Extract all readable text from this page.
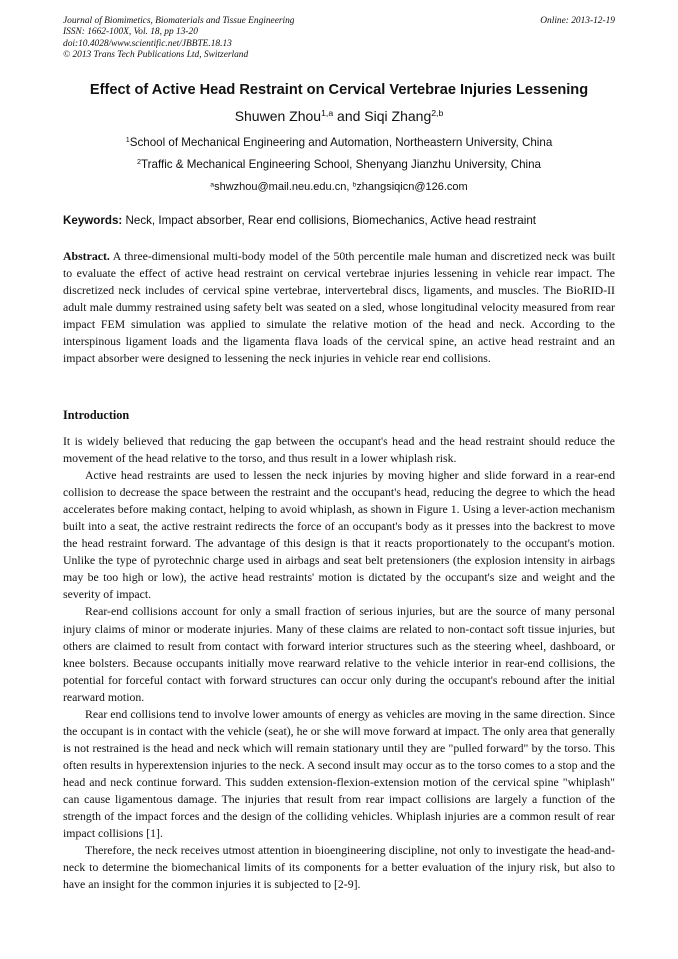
Journal of Biomimetics, Biomaterials and Tissue Engineering	Online: 2013-12-19
ISSN: 1662-100X, Vol. 18, pp 13-20
doi:10.4028/www.scientific.net/JBBTE.18.13
© 2013 Trans Tech Publications Ltd, Switzerland
Effect of Active Head Restraint on Cervical Vertebrae Injuries Lessening
Shuwen Zhou$^{1,a}$ and Siqi Zhang$^{2,b}$
$^1$School of Mechanical Engineering and Automation, Northeastern University, China
$^2$Traffic & Mechanical Engineering School, Shenyang Jianzhu University, China
$^a$shwzhou@mail.neu.edu.cn, $^b$zhangsiqicn@126.com
Keywords: Neck, Impact absorber, Rear end collisions, Biomechanics, Active head restraint

Abstract. A three-dimensional multi-body model of the 50th percentile male human and discretized neck was built to evaluate the effect of active head restraint on cervical vertebrae injuries lessening in vehicle rear impact. The discretized neck includes of cervical spine vertebrae, intervertebral discs, ligaments, and muscles. The BioRID-II adult male dummy restrained using safety belt was seated on a sled, whose longitudinal velocity measured from rear impact FEM simulation was applied to simulate the relative motion of the head and neck. According to the interspinous ligament loads and the ligamenta flava loads of the cervical spine, an active head restraint and an impact absorber were designed to lessening the neck injuries in vehicle rear end collisions.

Introduction

It is widely believed that reducing the gap between the occupant's head and the head restraint should reduce the movement of the head relative to the torso, and thus result in a lower whiplash risk.

Active head restraints are used to lessen the neck injuries by moving higher and slide forward in a rear-end collision to decrease the space between the restraint and the occupant's head, reducing the degree to which the head accelerates before making contact, helping to avoid whiplash, as shown in Figure 1. Using a lever-action mechanism built into a seat, the active restraint redirects the force of an occupant's body as it presses into the backrest to move the head restraint forward. The advantage of this design is that it reacts proportionately to the occupant's motion. Unlike the type of pyrotechnic charge used in airbags and seat belt pretensioners (the explosion intensity in airbags may be too high or low), the active head restraints' motion is dictated by the occupant's size and weight and the severity of impact.

Rear-end collisions account for only a small fraction of serious injuries, but are the source of many personal injury claims of minor or moderate injuries. Many of these claims are related to non-contact soft tissue injuries, but others are claimed to result from contact with forward interior structures such as the steering wheel, dashboard, or knee bolsters. Because occupants initially move rearward relative to the vehicle interior in rear-end collisions, the potential for forceful contact with forward structures can occur only during the occupant's rebound after the initial rearward motion.

Rear end collisions tend to involve lower amounts of energy as vehicles are moving in the same direction. Since the occupant is in contact with the vehicle (seat), he or she will move forward at impact. The only area that generally is not restrained is the head and neck which will remain stationary until they are "pulled forward" by the torso. This often results in hyperextension injuries to the neck. A second insult may occur as to the torso comes to a stop and the head and neck continue forward. This sudden extension-flexion-extension motion of the cervical spine "whiplash" can cause ligamentous damage. The injuries that result from rear impact collisions are largely a function of the strength of the impact forces and the design of the colliding vehicles. Whiplash injuries are a common result of rear impact collisions [1].

Therefore, the neck receives utmost attention in bioengineering discipline, not only to investigate the head-and-neck to determine the biomechanical limits of its components for a better evaluation of the injury risk, but also to have an insight for the common injuries it is subjected to [2-9].
